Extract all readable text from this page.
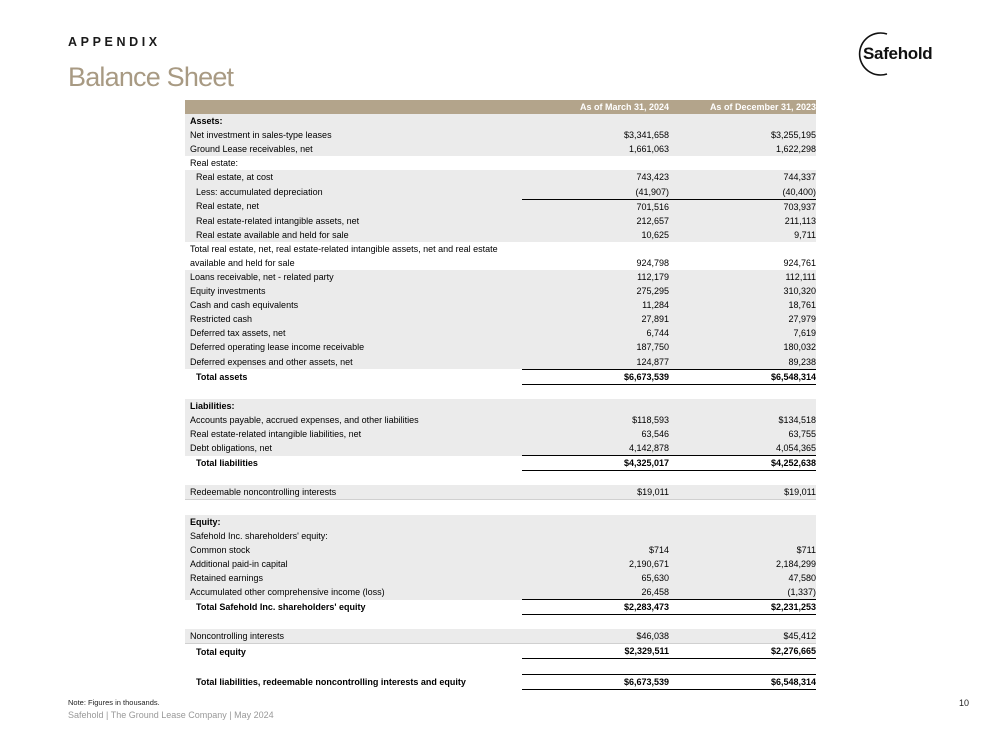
APPENDIX
Balance Sheet
Safehold
	As of March 31, 2024	As of December 31, 2023
Assets:		
Net investment in sales-type leases	$3,341,658	$3,255,195
Ground Lease receivables, net	1,661,063	1,622,298
Real estate:		
Real estate, at cost	743,423	744,337
Less: accumulated depreciation	(41,907)	(40,400)
Real estate, net	701,516	703,937
Real estate-related intangible assets, net	212,657	211,113
Real estate available and held for sale	10,625	9,711
Total real estate, net, real estate-related intangible assets, net and real estate available and held for sale	924,798	924,761
Loans receivable, net - related party	112,179	112,111
Equity investments	275,295	310,320
Cash and cash equivalents	11,284	18,761
Restricted cash	27,891	27,979
Deferred tax assets, net	6,744	7,619
Deferred operating lease income receivable	187,750	180,032
Deferred expenses and other assets, net	124,877	89,238
Total assets	$6,673,539	$6,548,314

Liabilities:		
Accounts payable, accrued expenses, and other liabilities	$118,593	$134,518
Real estate-related intangible liabilities, net	63,546	63,755
Debt obligations, net	4,142,878	4,054,365
Total liabilities	$4,325,017	$4,252,638

Redeemable noncontrolling interests	$19,011	$19,011

Equity:		
Safehold Inc. shareholders' equity:		
Common stock	$714	$711
Additional paid-in capital	2,190,671	2,184,299
Retained earnings	65,630	47,580
Accumulated other comprehensive income (loss)	26,458	(1,337)
Total Safehold Inc. shareholders' equity	$2,283,473	$2,231,253

Noncontrolling interests	$46,038	$45,412
Total equity	$2,329,511	$2,276,665

Total liabilities, redeemable noncontrolling interests and equity	$6,673,539	$6,548,314
Note: Figures in thousands.
Safehold | The Ground Lease Company | May 2024
10
